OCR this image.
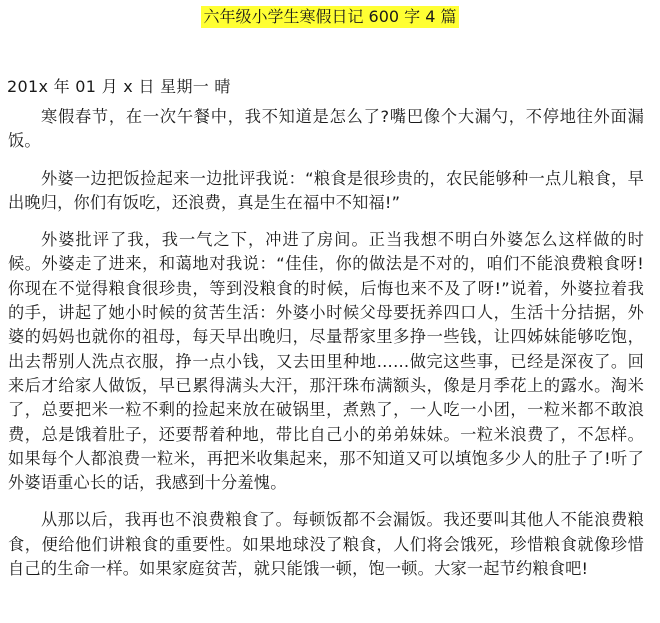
六年级小学生寒假日记 600 字 4 篇
201x 年 01 月 x 日 星期一 晴

寒假春节，在一次午餐中，我不知道是怎么了?嘴巴像个大漏勺，不停地往外面漏饭。

外婆一边把饭捡起来一边批评我说：“粮食是很珍贵的，农民能够种一点儿粮食，早出晚归，你们有饭吃，还浪费，真是生在福中不知福!”

外婆批评了我，我一气之下，冲进了房间。正当我想不明白外婆怎么这样做的时候。外婆走了进来，和蔼地对我说：“佳佳，你的做法是不对的，咱们不能浪费粮食呀!你现在不觉得粮食很珍贵，等到没粮食的时候，后悔也来不及了呀!”说着，外婆拉着我的手，讲起了她小时候的贫苦生活：外婆小时候父母要抚养四口人，生活十分拮据，外婆的妈妈也就你的祖母，每天早出晚归，尽量帮家里多挣一些钱，让四姊妹能够吃饱，出去帮别人洗点衣服，挣一点小钱，又去田里种地……做完这些事，已经是深夜了。回来后才给家人做饭，早已累得满头大汗，那汗珠布满额头，像是月季花上的露水。淘米了，总要把米一粒不剩的捡起来放在破锅里，煮熟了，一人吃一小团，一粒米都不敢浪费，总是饿着肚子，还要帮着种地，带比自己小的弟弟妹妹。一粒米浪费了，不怎样。如果每个人都浪费一粒米，再把米收集起来，那不知道又可以填饱多少人的肚子了!听了外婆语重心长的话，我感到十分羞愧。

从那以后，我再也不浪费粮食了。每顿饭都不会漏饭。我还要叫其他人不能浪费粮食，便给他们讲粮食的重要性。如果地球没了粮食，人们将会饿死，珍惜粮食就像珍惜自己的生命一样。如果家庭贫苦，就只能饿一顿，饱一顿。大家一起节约粮食吧!
